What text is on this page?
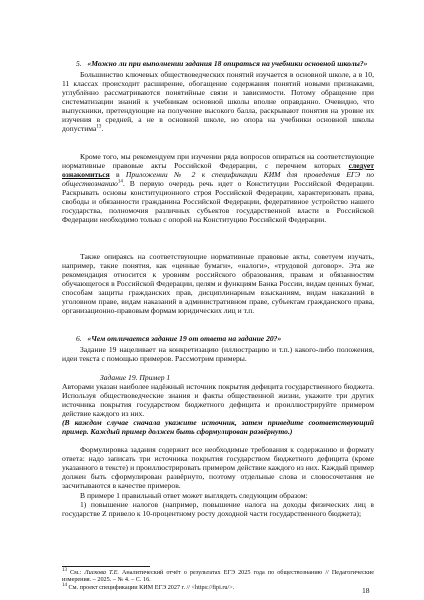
5. «Можно ли при выполнении задания 18 опираться на учебники основной школы?»

Большинство ключевых обществоведческих понятий изучается в основной школе, а в 10, 11 классах происходит расширение, обогащение содержания понятий новыми признаками, углублённо рассматриваются понятийные связи и зависимости. Потому обращение при систематизации знаний к учебникам основной школы вполне оправданно. Очевидно, что выпускники, претендующие на получение высокого балла, раскрывают понятия на уровне их изучения в средней, а не в основной школе, но опора на учебники основной школы допустима$^{13}$.

Кроме того, мы рекомендуем при изучении ряда вопросов опираться на соответствующие нормативные правовые акты Российской Федерации, с перечнем которых следует ознакомиться в Приложении № 2 к спецификации КИМ для проведения ЕГЭ по обществознанию$^{14}$. В первую очередь речь идет о Конституции Российской Федерации. Раскрывать основы конституционного строя Российской Федерации, характеризовать права, свободы и обязанности гражданина Российской Федерации, федеративное устройство нашего государства, полномочия различных субъектов государственной власти в Российской Федерации необходимо только с опорой на Конституцию Российской Федерации.

Также опираясь на соответствующие нормативные правовые акты, советуем изучать, например, такие понятия, как «ценные бумаги», «налоги», «трудовой договор». Эта же рекомендация относится к уровням российского образования, правам и обязанностям обучающегося в Российской Федерации, целям и функциям Банка России, видам ценных бумаг, способам защиты гражданских прав, дисциплинарным взысканиям, видам наказаний в уголовном праве, видам наказаний в административном праве, субъектам гражданского права, организационно-правовым формам юридических лиц и т.п.

6. «Чем отличается задание 19 от ответа на задание 20?»

Задание 19 нацеливает на конкретизацию (иллюстрацию и т.п.) какого-либо положения, идеи текста с помощью примеров. Рассмотрим примеры.

Задание 19. Пример 1

Авторами указан наиболее надёжный источник покрытия дефицита государственного бюджета. Используя обществоведческие знания и факты общественной жизни, укажите три других источника покрытия государством бюджетного дефицита и проиллюстрируйте примером действие каждого из них.

(В каждом случае сначала укажите источник, затем приведите соответствующий пример. Каждый пример должен быть сформулирован развёрнуто.)

Формулировка задания содержит все необходимые требования к содержанию и формату ответа: надо записать три источника покрытия государством бюджетного дефицита (кроме указанного в тексте) и проиллюстрировать примером действие каждого из них. Каждый пример должен быть сформулирован развёрнуто, поэтому отдельные слова и словосочетания не засчитываются в качестве примеров.

В примере 1 правильный ответ может выглядеть следующим образом:

1) повышение налогов (например, повышение налога на доходы физических лиц в государстве Z привело к 10-процентному росту доходной части государственного бюджета);

$^{13}$ См.: Лискова Т.Е. Аналитический отчёт о результатах ЕГЭ 2025 года по обществознанию // Педагогические измерения. – 2025. – № 4. – С. 16.

$^{14}$ См. проект спецификации КИМ ЕГЭ 2027 г. // <https://fipi.ru/>.	18
